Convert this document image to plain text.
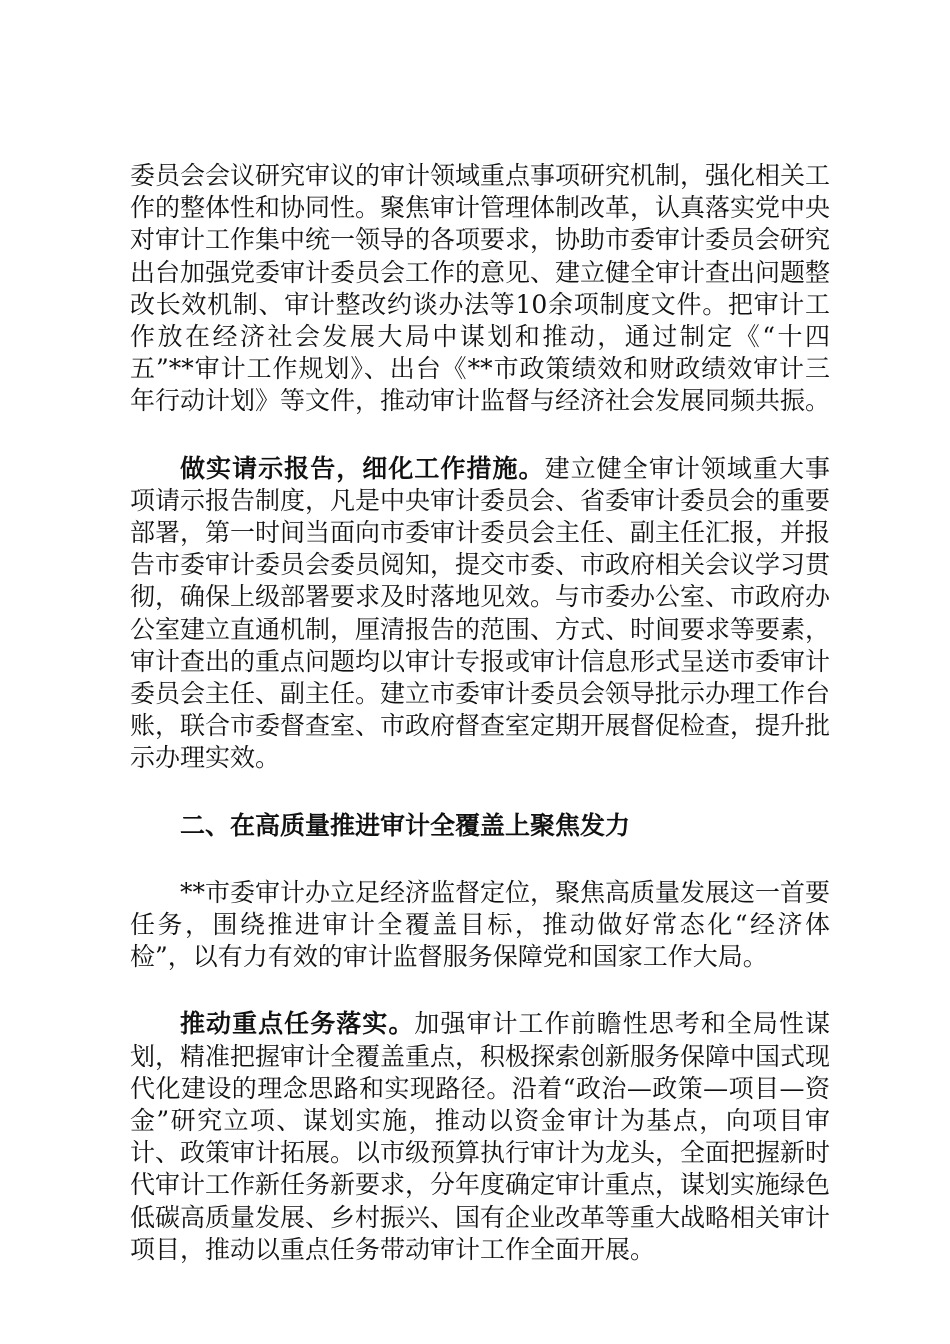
委员会会议研究审议的审计领域重点事项研究机制，强化相关工作的整体性和协同性。聚焦审计管理体制改革，认真落实党中央对审计工作集中统一领导的各项要求，协助市委审计委员会研究出台加强党委审计委员会工作的意见、建立健全审计查出问题整改长效机制、审计整改约谈办法等10余项制度文件。把审计工作放在经济社会发展大局中谋划和推动，通过制定《“十四五”**审计工作规划》、出台《**市政策绩效和财政绩效审计三年行动计划》等文件，推动审计监督与经济社会发展同频共振。

做实请示报告，细化工作措施。建立健全审计领域重大事项请示报告制度，凡是中央审计委员会、省委审计委员会的重要部署，第一时间当面向市委审计委员会主任、副主任汇报，并报告市委审计委员会委员阅知，提交市委、市政府相关会议学习贯彻，确保上级部署要求及时落地见效。与市委办公室、市政府办公室建立直通机制，厘清报告的范围、方式、时间要求等要素，审计查出的重点问题均以审计专报或审计信息形式呈送市委审计委员会主任、副主任。建立市委审计委员会领导批示办理工作台账，联合市委督查室、市政府督查室定期开展督促检查，提升批示办理实效。

二、在高质量推进审计全覆盖上聚焦发力

**市委审计办立足经济监督定位，聚焦高质量发展这一首要任务，围绕推进审计全覆盖目标，推动做好常态化“经济体检”，以有力有效的审计监督服务保障党和国家工作大局。

推动重点任务落实。加强审计工作前瞻性思考和全局性谋划，精准把握审计全覆盖重点，积极探索创新服务保障中国式现代化建设的理念思路和实现路径。沿着“政治—政策—项目—资金”研究立项、谋划实施，推动以资金审计为基点，向项目审计、政策审计拓展。以市级预算执行审计为龙头，全面把握新时代审计工作新任务新要求，分年度确定审计重点，谋划实施绿色低碳高质量发展、乡村振兴、国有企业改革等重大战略相关审计项目，推动以重点任务带动审计工作全面开展。
